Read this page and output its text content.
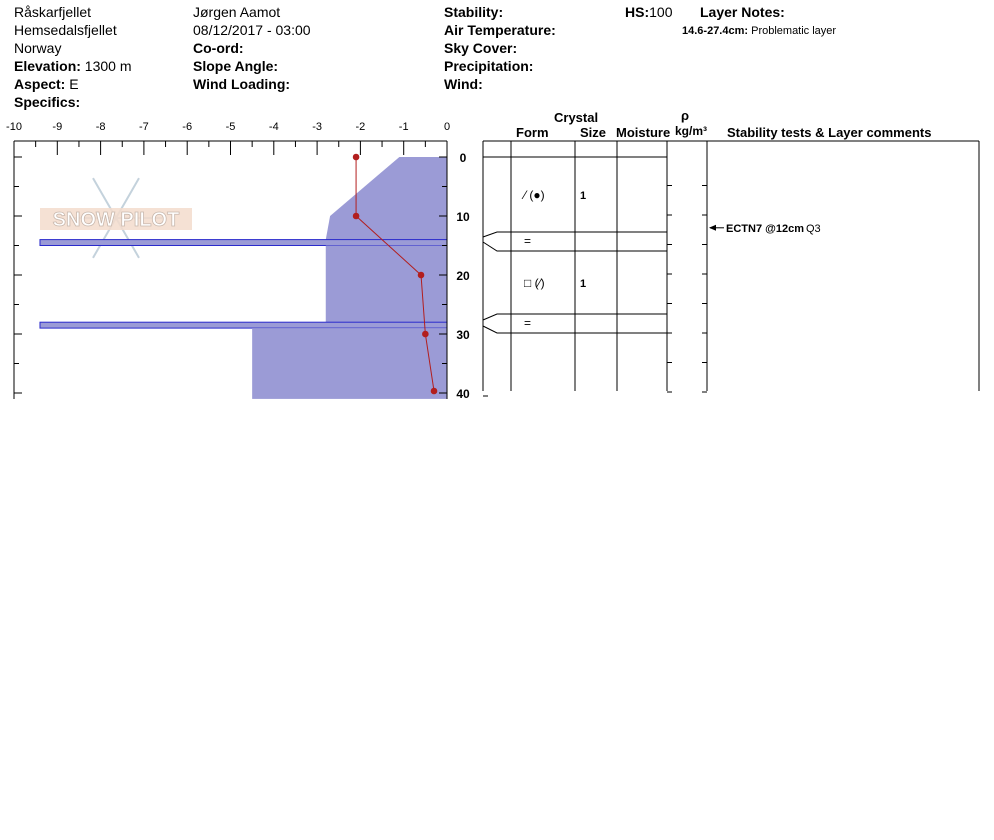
Råskarfjellet
Hemsedalsfjellet
Norway
Elevation: 1300 m
Aspect: E
Specifics:
Jørgen Aamot
08/12/2017 - 03:00
Co-ord:
Slope Angle:
Wind Loading:
Stability:
Air Temperature:
Sky Cover:
Precipitation:
Wind:
HS:100 Layer Notes:
14.6-27.4cm: Problematic layer
Crystal
Form Size Moisture
ρ
kg/m³ Stability tests & Layer comments
SNOW PILOT
-10	-9	-8	-7	-6	-5	-4	-3	-2	-1	0
0
10
20
30
40
⁄ (●)	1
=
□ (⁄)	1
=
ECTN7 @12cm Q3
